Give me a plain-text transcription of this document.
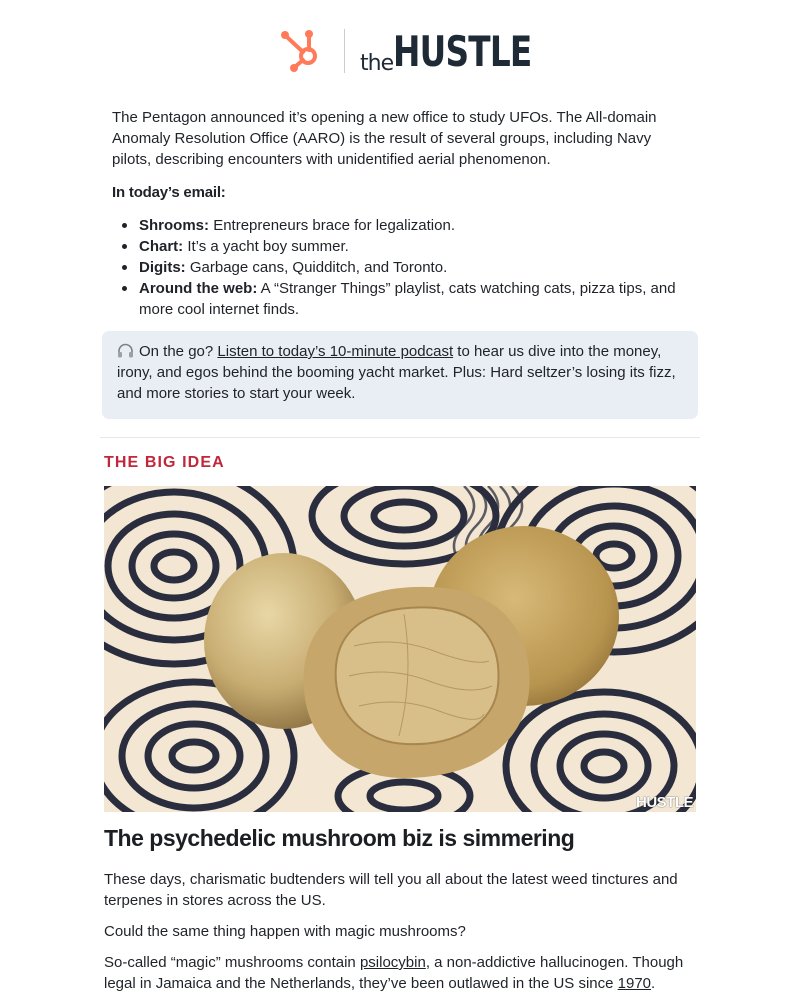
theHUSTLE

The Pentagon announced it’s opening a new office to study UFOs. The All-domain Anomaly Resolution Office (AARO) is the result of several groups, including Navy pilots, describing encounters with unidentified aerial phenomenon.

In today’s email:
Shrooms: Entrepreneurs brace for legalization.
Chart: It’s a yacht boy summer.
Digits: Garbage cans, Quidditch, and Toronto.
Around the web: A “Stranger Things” playlist, cats watching cats, pizza tips, and more cool internet finds.
On the go? Listen to today’s 10-minute podcast to hear us dive into the money, irony, and egos behind the booming yacht market. Plus: Hard seltzer’s losing its fizz, and more stories to start your week.
THE BIG IDEA
HUSTLE
The psychedelic mushroom biz is simmering

These days, charismatic budtenders will tell you all about the latest weed tinctures and terpenes in stores across the US.

Could the same thing happen with magic mushrooms?

So-called “magic” mushrooms contain psilocybin, a non-addictive hallucinogen. Though legal in Jamaica and the Netherlands, they’ve been outlawed in the US since 1970.
